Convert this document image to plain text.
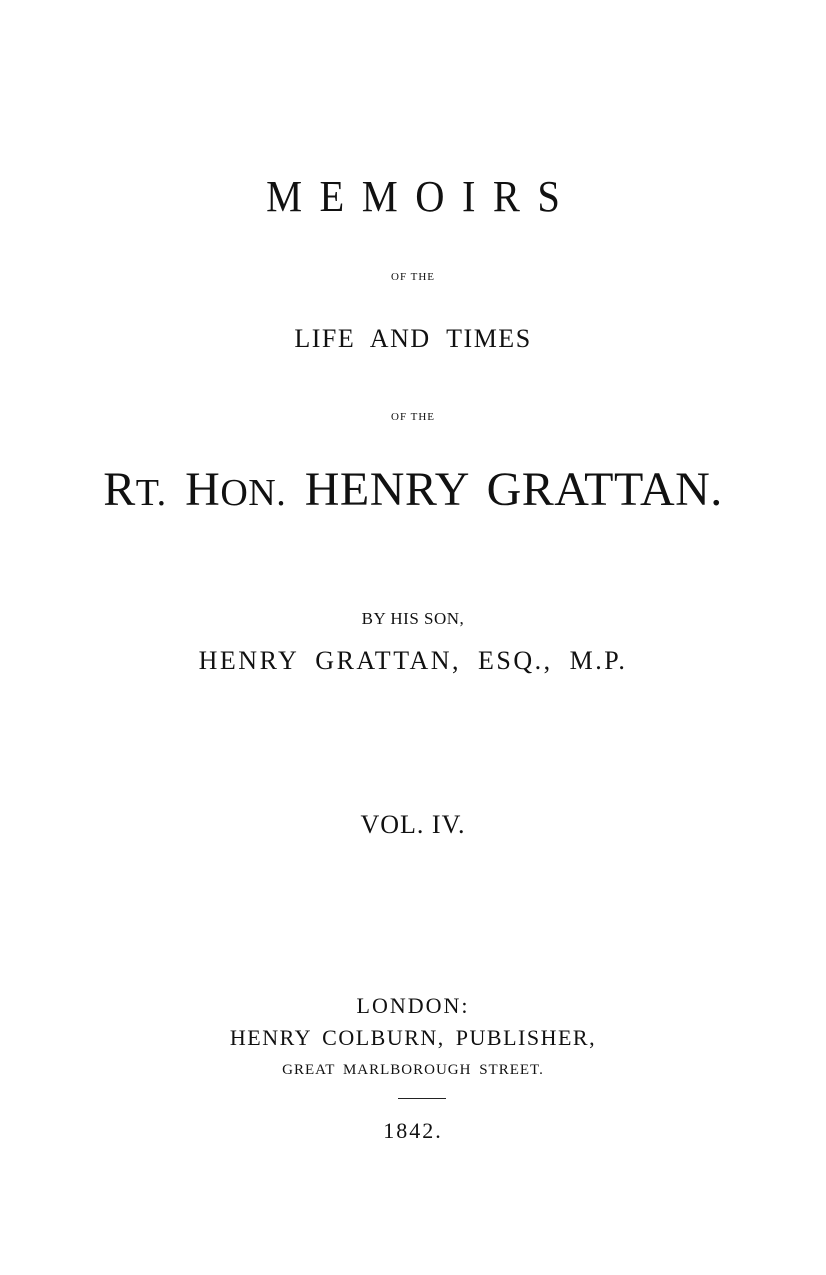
MEMOIRS
OF THE
LIFE AND TIMES
OF THE
RT. HON. HENRY GRATTAN.
BY HIS SON,
HENRY GRATTAN, ESQ., M.P.
VOL. IV.
LONDON:
HENRY COLBURN, PUBLISHER,
GREAT MARLBOROUGH STREET.
1842.
